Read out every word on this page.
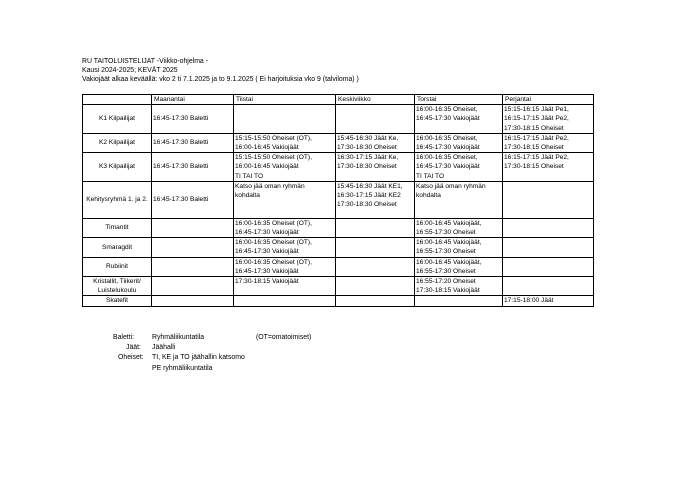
RU TAITOLUISTELIJAT -Viikko-ohjelma -
Kausi 2024-2025; KEVÄT 2025
Vakiojäät alkaa keväällä: vko 2 ti 7.1.2025 ja to 9.1.2025 ( Ei harjoituksia vko 9 (talviloma) )
	Maanantai	Tiistai	Keskiviikko	Torstai	Perjantai
K1 Kilpailijat	16:45-17:30 Baletti			16:00-16:35 Oheiset,
16:45-17:30 Vakiojäät	15:15-16:15 Jäät Pe1,
16:15-17:15 Jäät Pe2,
17:30-18:15 Oheiset

K2 Kilpailijat	16:45-17:30 Baletti	15:15-15:50 Oheiset (OT),
16:00-16:45 Vakiojäät	15:45-16:30 Jäät Ke,
17:30-18:30 Oheiset	16:00-16:35 Oheiset,
16:45-17:30 Vakiojäät	16:15-17:15 Jäät Pe2,
17:30-18:15 Oheiset

K3 Kilpailijat	16:45-17:30 Baletti	15:15-15:50 Oheiset (OT),
16:00-16:45 Vakiojäät
TI TAI TO	16:30-17:15 Jäät Ke,
17:30-18:30 Oheiset	16:00-16:35 Oheiset,
16:45-17:30 Vakiojäät
TI TAI TO	16:15-17:15 Jäät Pe2,
17:30-18:15 Oheiset

Kehitysryhmä 1. ja 2.	16:45-17:30 Baletti	Katso jää oman ryhmän
kohdalta	15:45-16:30 Jäät KE1,
16:30-17:15 Jäät KE2
17:30-18:30 Oheiset	Katso jää oman ryhmän
kohdalta	

Timantit		16:00-16:35 Oheiset (OT),
16:45-17:30 Vakiojäät		16:00-16:45 Vakiojäät,
16:55-17:30 Oheiset	

Smaragdit		16:00-16:35 Oheiset (OT),
16:45-17:30 Vakiojäät		16:00-16:45 Vakiojäät,
16:55-17:30 Oheiset	

Rubiinit		16:00-16:35 Oheiset (OT),
16:45-17:30 Vakiojäät		16:00-16:45 Vakiojäät,
16:55-17:30 Oheiset	

Kristallit, Tiikerit/ Luistelukoulu		17:30-18:15 Vakiojäät		16:55-17:20 Oheiset
17:30-18:15 Vakiojäät	

Skatefit					17:15-18:00 Jäät
Baletti:	Ryhmäliikuntatila	(OT=omatoimiset)
Jäät: Jäähalli
Oheiset: TI, KE ja TO jäähallin katsomo
PE ryhmäliikuntatila
